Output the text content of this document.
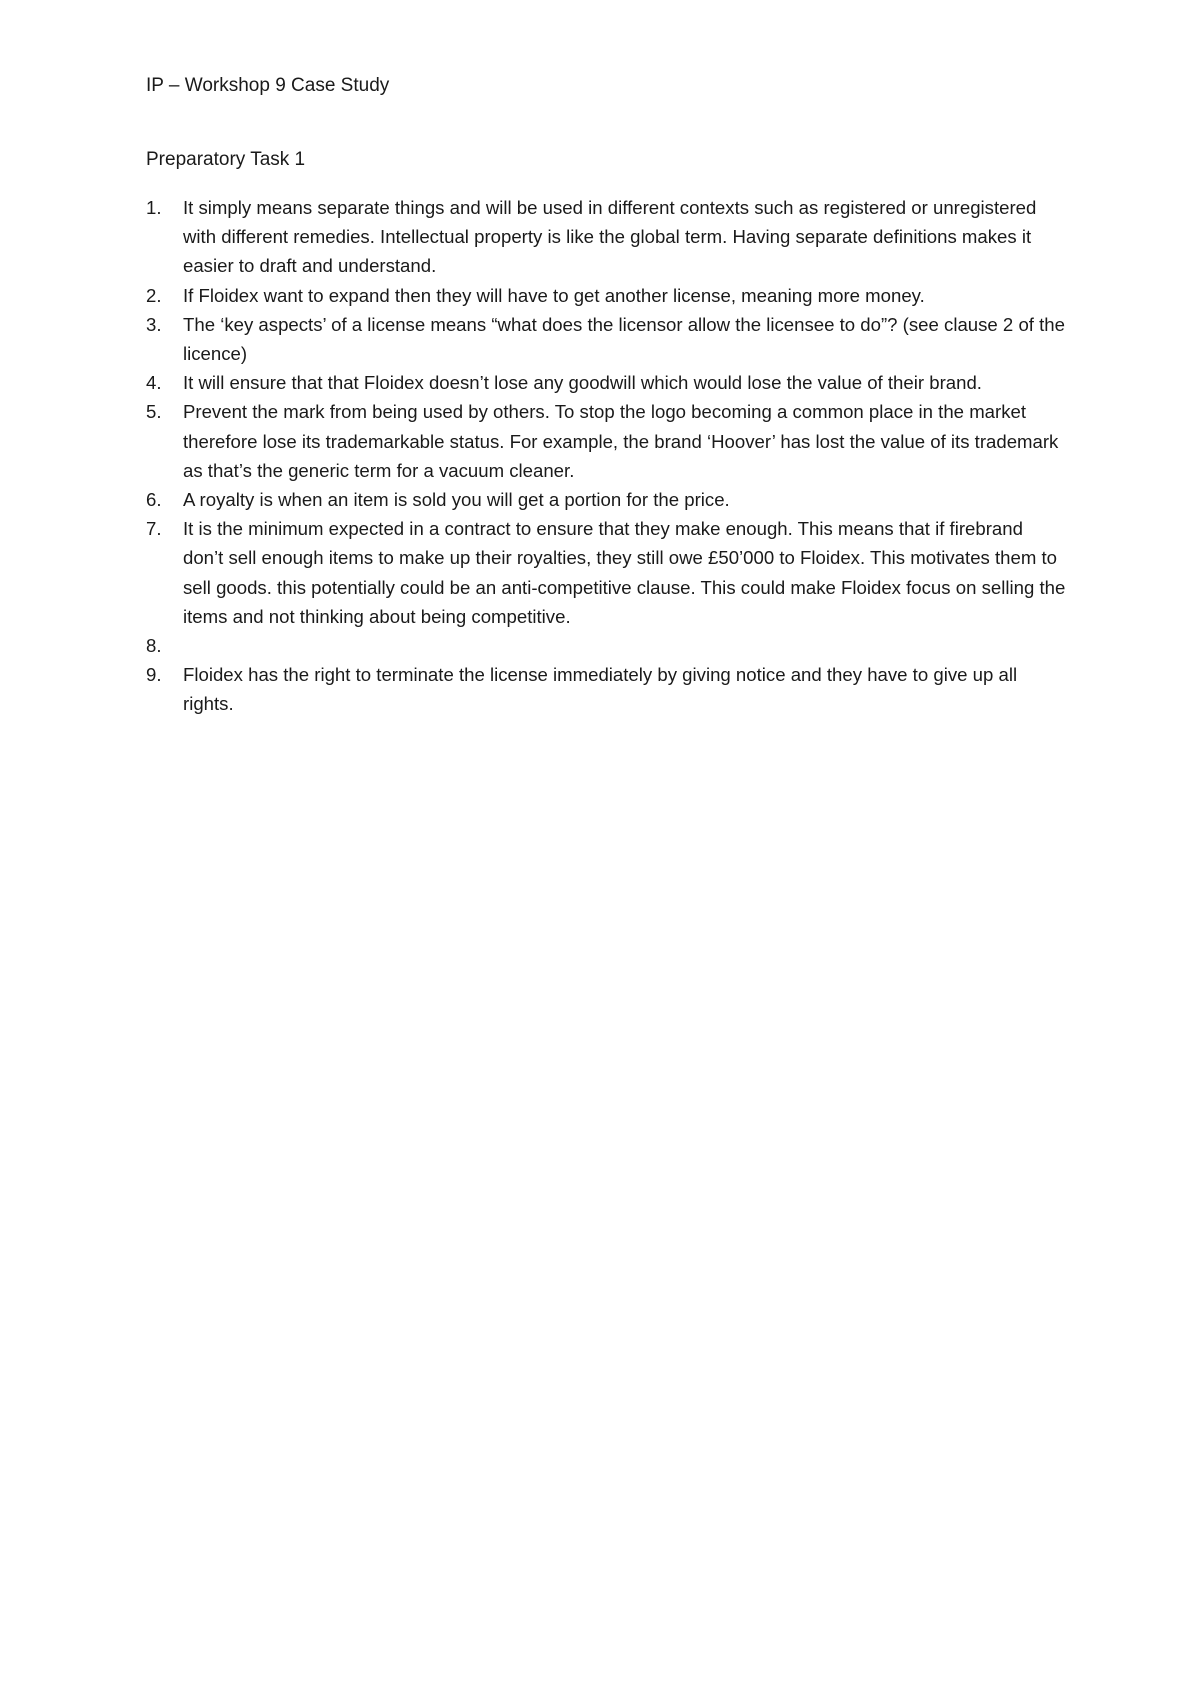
IP – Workshop 9 Case Study
Preparatory Task 1
1. It simply means separate things and will be used in different contexts such as registered or unregistered with different remedies. Intellectual property is like the global term. Having separate definitions makes it easier to draft and understand.
2. If Floidex want to expand then they will have to get another license, meaning more money.
3. The ‘key aspects’ of a license means “what does the licensor allow the licensee to do”? (see clause 2 of the licence)
4. It will ensure that that Floidex doesn’t lose any goodwill which would lose the value of their brand.
5. Prevent the mark from being used by others. To stop the logo becoming a common place in the market therefore lose its trademarkable status. For example, the brand ‘Hoover’ has lost the value of its trademark as that’s the generic term for a vacuum cleaner.
6. A royalty is when an item is sold you will get a portion for the price.
7. It is the minimum expected in a contract to ensure that they make enough. This means that if firebrand don’t sell enough items to make up their royalties, they still owe £50’000 to Floidex. This motivates them to sell goods. this potentially could be an anti-competitive clause. This could make Floidex focus on selling the items and not thinking about being competitive.
8.
9. Floidex has the right to terminate the license immediately by giving notice and they have to give up all rights.
